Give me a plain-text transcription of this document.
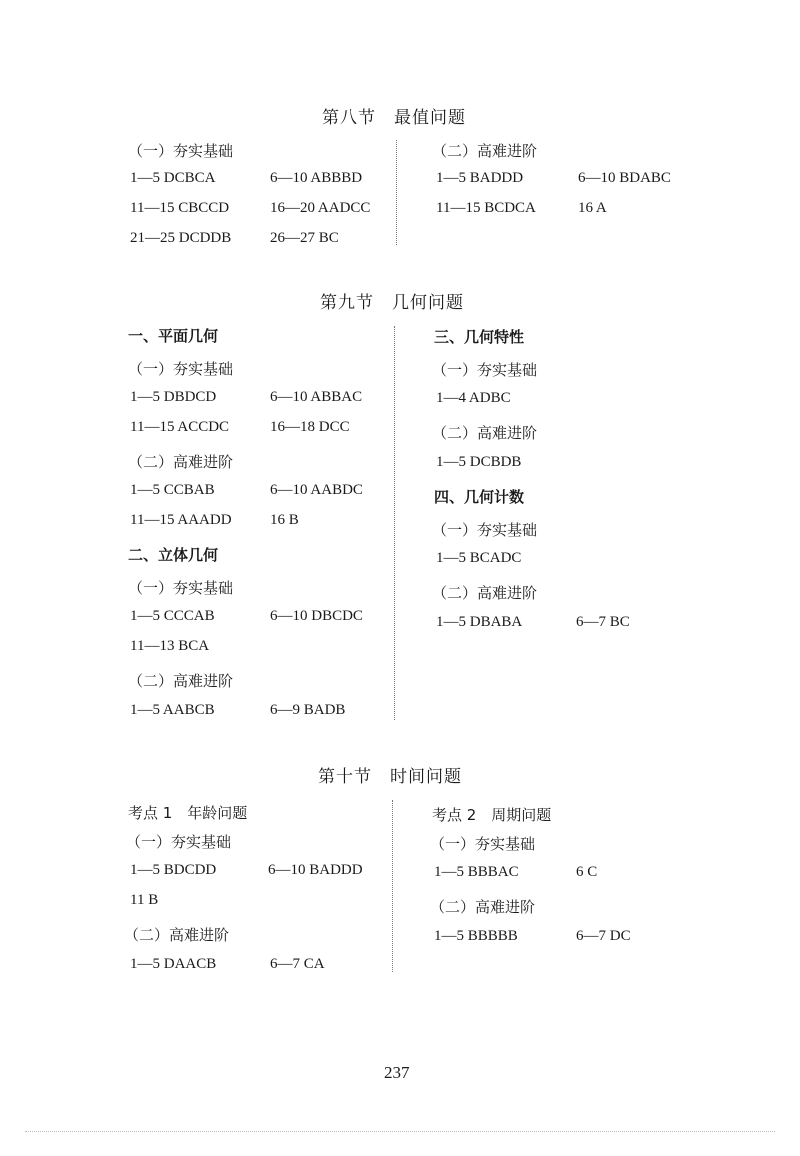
第八节　最值问题
（一）夯实基础
1—5 DCBCA	6—10 ABBBD
11—15 CBCCD	16—20 AADCC
21—25 DCDDB	26—27 BC
（二）高难进阶
1—5 BADDD	6—10 BDABC
11—15 BCDCA	16 A
第九节　几何问题
一、平面几何
（一）夯实基础
1—5 DBDCD	6—10 ABBAC
11—15 ACCDC	16—18 DCC
（二）高难进阶
1—5 CCBAB	6—10 AABDC
11—15 AAADD	16 B
二、立体几何
（一）夯实基础
1—5 CCCAB	6—10 DBCDC
11—13 BCA
（二）高难进阶
1—5 AABCB	6—9 BADB
三、几何特性
（一）夯实基础
1—4 ADBC
（二）高难进阶
1—5 DCBDB
四、几何计数
（一）夯实基础
1—5 BCADC
（二）高难进阶
1—5 DBABA	6—7 BC
第十节　时间问题
考点 1　年龄问题
（一）夯实基础
1—5 BDCDD	6—10 BADDD
11 B
（二）高难进阶
1—5 DAACB	6—7 CA
考点 2　周期问题
（一）夯实基础
1—5 BBBAC	6 C
（二）高难进阶
1—5 BBBBB	6—7 DC
237
